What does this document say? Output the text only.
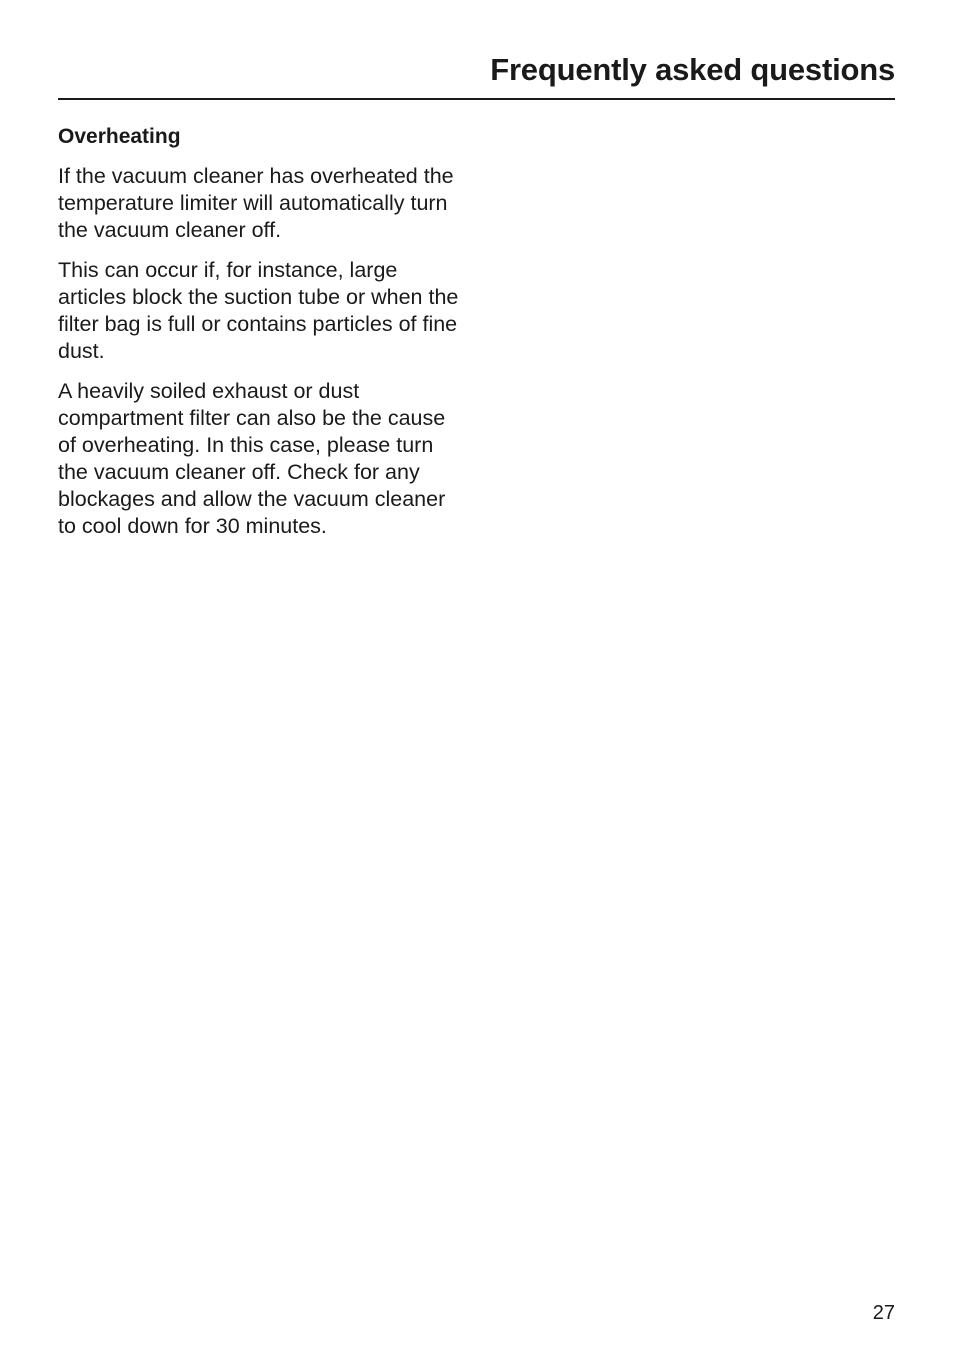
Frequently asked questions
Overheating

If the vacuum cleaner has overheated the temperature limiter will automatically turn the vacuum cleaner off.

This can occur if, for instance, large articles block the suction tube or when the filter bag is full or contains particles of fine dust.

A heavily soiled exhaust or dust compartment filter can also be the cause of overheating. In this case, please turn the vacuum cleaner off. Check for any blockages and allow the vacuum cleaner to cool down for 30 minutes.

27
